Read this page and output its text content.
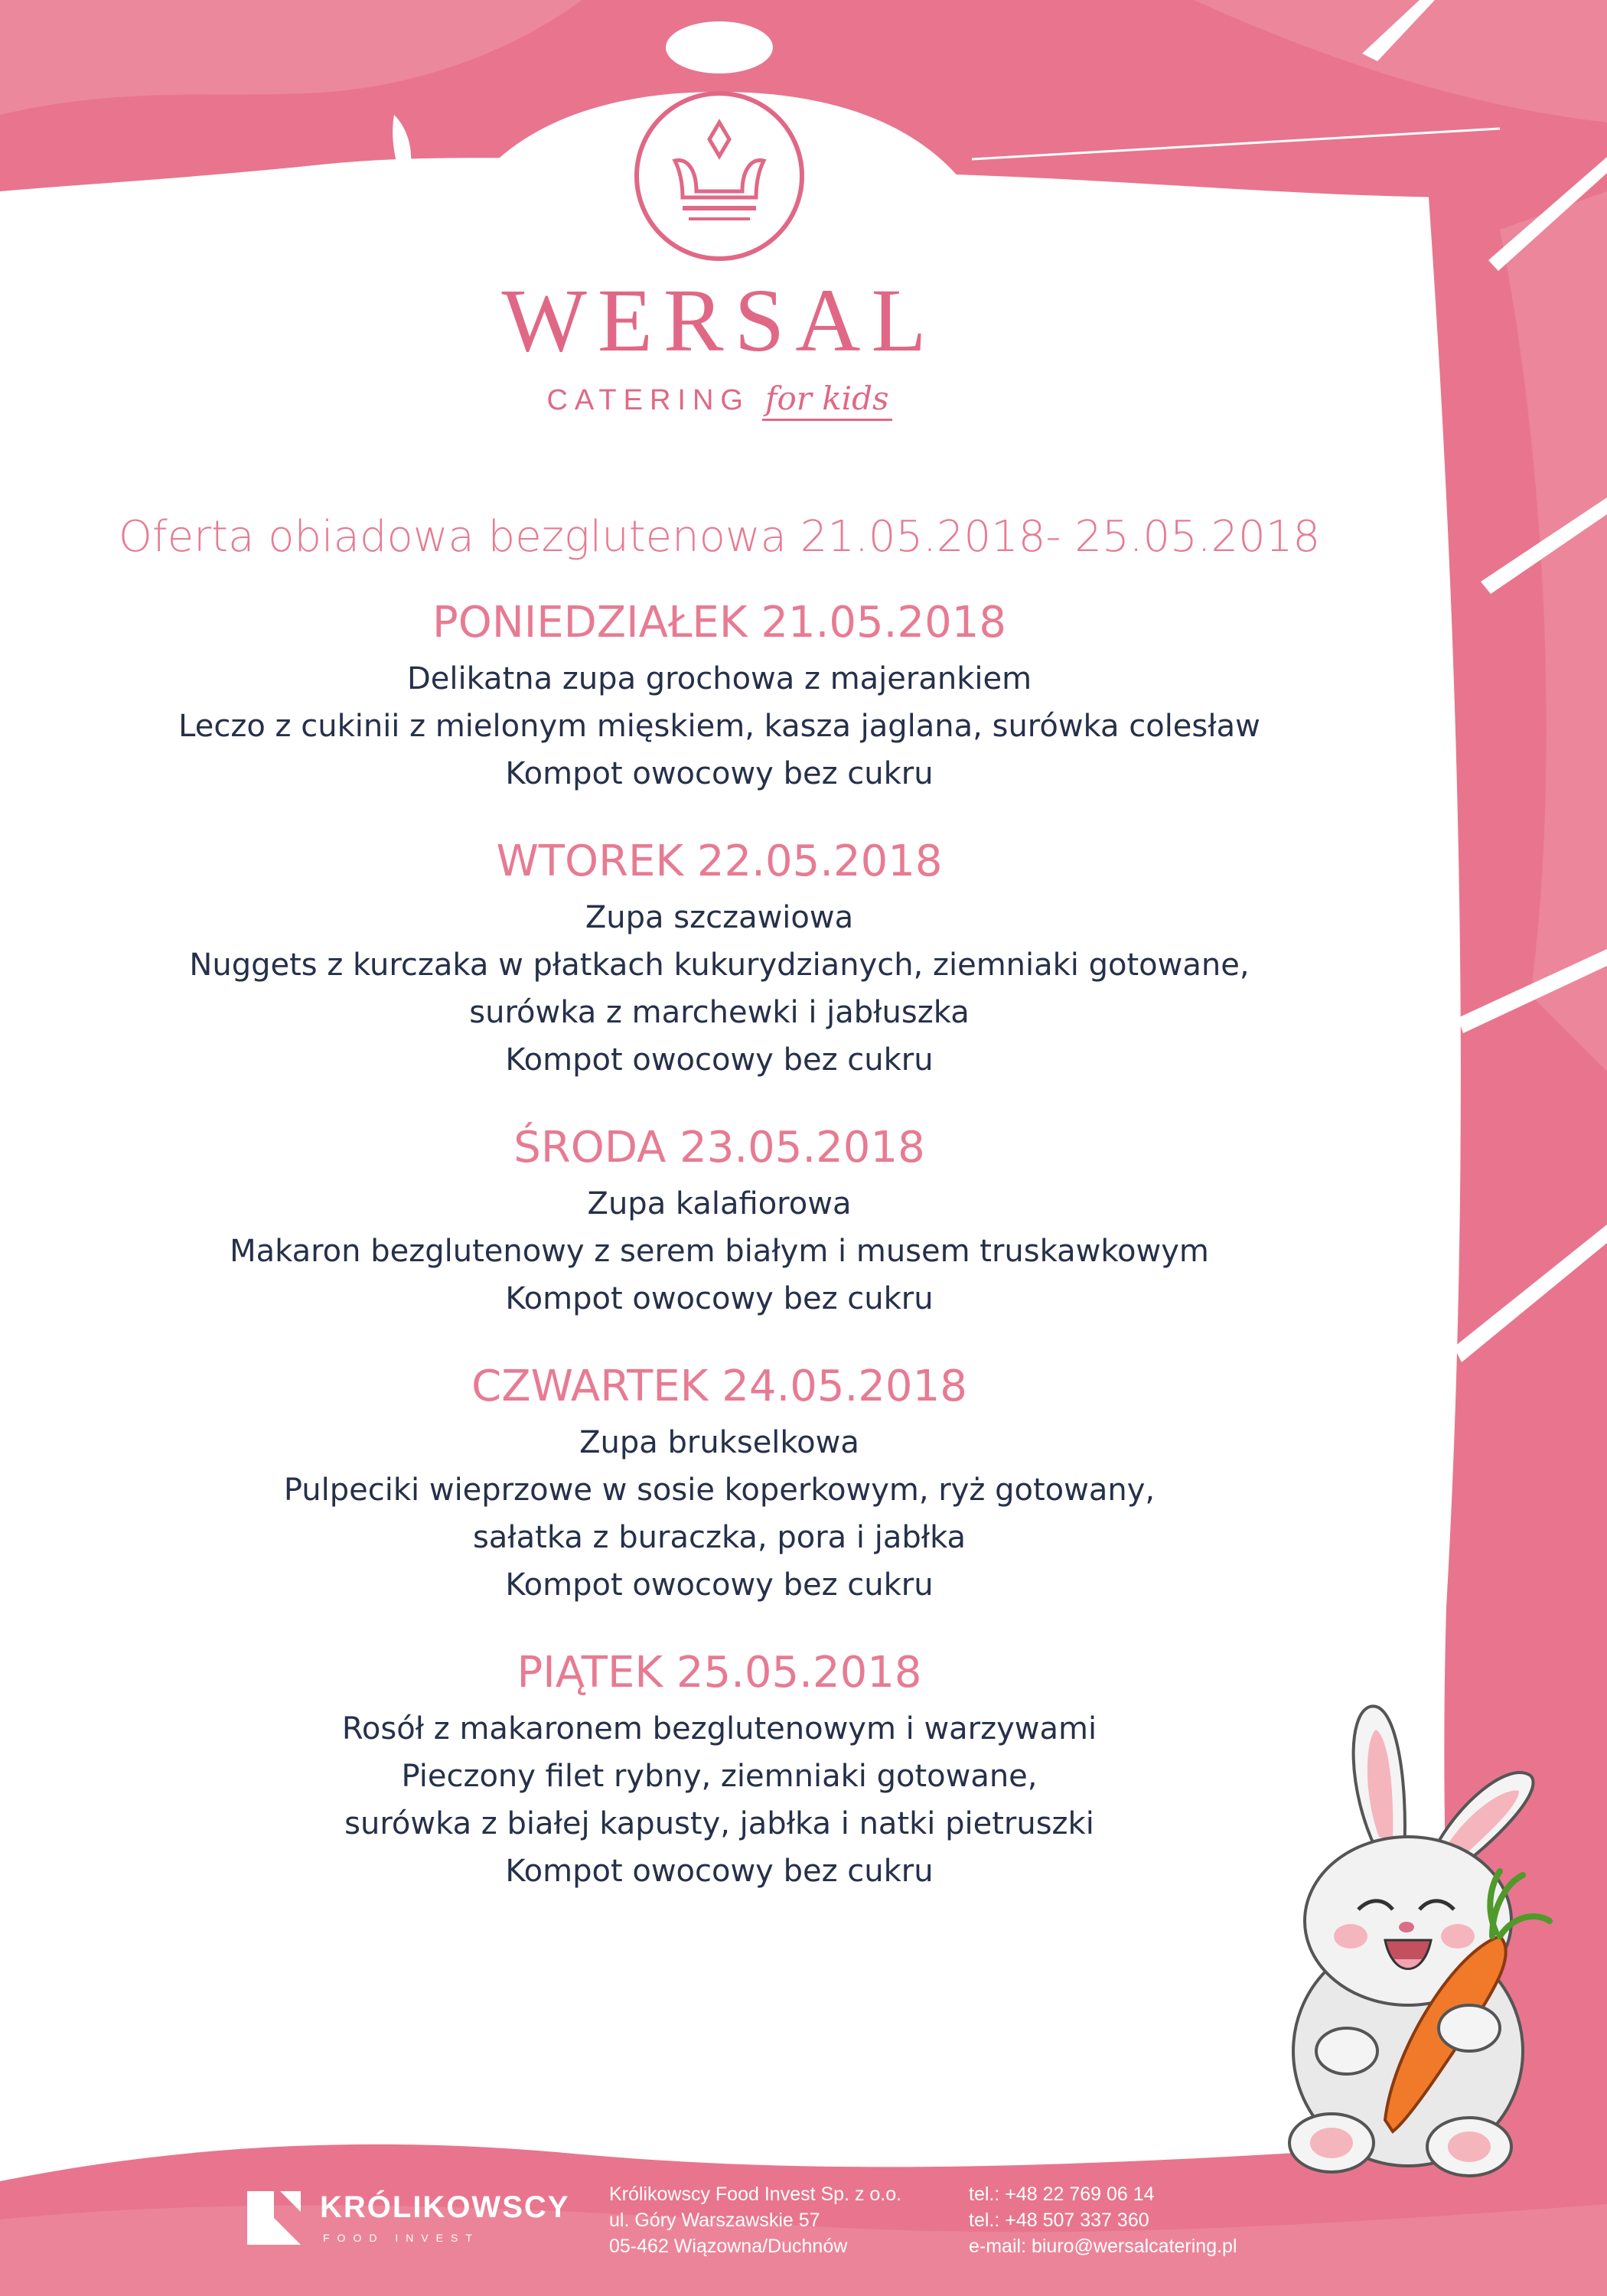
WERSAL
CATERING for kids
Oferta obiadowa bezglutenowa 21.05.2018- 25.05.2018
PONIEDZIAŁEK 21.05.2018
Delikatna zupa grochowa z majerankiem
Leczo z cukinii z mielonym mięskiem, kasza jaglana, surówka colesław
Kompot owocowy bez cukru
WTOREK 22.05.2018
Zupa szczawiowa
Nuggets z kurczaka w płatkach kukurydzianych, ziemniaki gotowane,
surówka z marchewki i jabłuszka
Kompot owocowy bez cukru
ŚRODA 23.05.2018
Zupa kalafiorowa
Makaron bezglutenowy z serem białym i musem truskawkowym
Kompot owocowy bez cukru
CZWARTEK 24.05.2018
Zupa brukselkowa
Pulpeciki wieprzowe w sosie koperkowym, ryż gotowany,
sałatka z buraczka, pora i jabłka
Kompot owocowy bez cukru
PIĄTEK 25.05.2018
Rosół z makaronem bezglutenowym i warzywami
Pieczony filet rybny, ziemniaki gotowane,
surówka z białej kapusty, jabłka i natki pietruszki
Kompot owocowy bez cukru
KRÓLIKOWSCY
FOOD INVEST
Królikowscy Food Invest Sp. z o.o.
ul. Góry Warszawskie 57
05-462 Wiązowna/Duchnów
tel.: +48 22 769 06 14
tel.: +48 507 337 360
e-mail: biuro@wersalcatering.pl
